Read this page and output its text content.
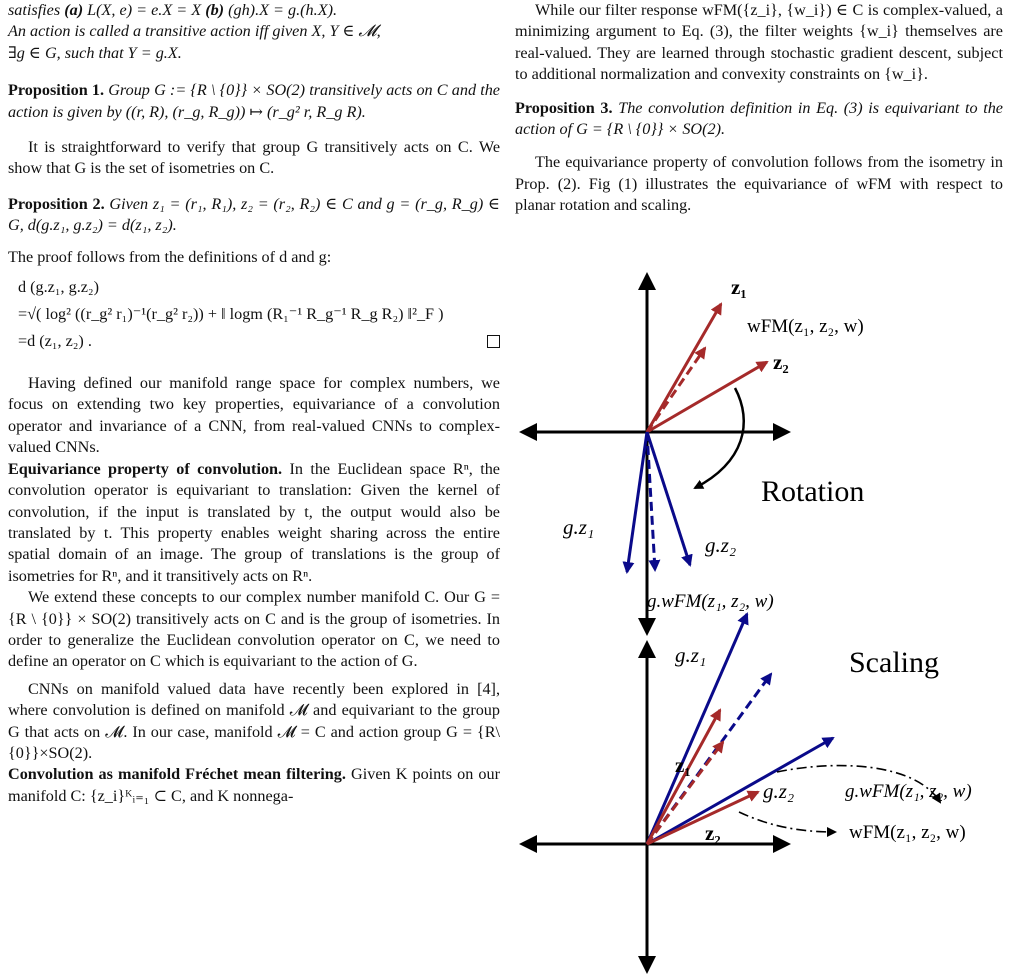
satisfies (a) L(X, e) = e.X = X (b) (gh).X = g.(h.X).
An action is called a transitive action iff given X, Y ∈ 𝓜,
∃g ∈ G, such that Y = g.X.

Proposition 1. Group G := {R \ {0}} × SO(2) transitively acts on C and the action is given by ((r, R), (r_g, R_g)) ↦ (r_g² r, R_g R).

It is straightforward to verify that group G transitively acts on C. We show that G is the set of isometries on C.

Proposition 2. Given z₁ = (r₁, R₁), z₂ = (r₂, R₂) ∈ C and g = (r_g, R_g) ∈ G, d(g.z₁, g.z₂) = d(z₁, z₂).

The proof follows from the definitions of d and g:

d (g.z₁, g.z₂)
=√( log² ((r_g² r₁)⁻¹(r_g² r₂)) + ‖ logm (R₁⁻¹ R_g⁻¹ R_g R₂) ‖²_F )
=d (z₁, z₂) .

Having defined our manifold range space for complex numbers, we focus on extending two key properties, equivariance of a convolution operator and invariance of a CNN, from real-valued CNNs to complex-valued CNNs.

Equivariance property of convolution. In the Euclidean space Rⁿ, the convolution operator is equivariant to translation: Given the kernel of convolution, if the input is translated by t, the output would also be translated by t. This property enables weight sharing across the entire spatial domain of an image. The group of translations is the group of isometries for Rⁿ, and it transitively acts on Rⁿ.

We extend these concepts to our complex number manifold C. Our G = {R \ {0}} × SO(2) transitively acts on C and is the group of isometries. In order to generalize the Euclidean convolution operator on C, we need to define an operator on C which is equivariant to the action of G.

CNNs on manifold valued data have recently been explored in [4], where convolution is defined on manifold 𝓜 and equivariant to the group G that acts on 𝓜. In our case, manifold 𝓜 = C and action group G = {R\{0}}×SO(2).

Convolution as manifold Fréchet mean filtering. Given K points on our manifold C: {z_i}ᴷᵢ₌₁ ⊂ C, and K nonnega-

While our filter response wFM({z_i}, {w_i}) ∈ C is complex-valued, a minimizing argument to Eq. (3), the filter weights {w_i} themselves are real-valued. They are learned through stochastic gradient descent, subject to additional normalization and convexity constraints on {w_i}.

Proposition 3. The convolution definition in Eq. (3) is equivariant to the action of G = {R \ {0}} × SO(2).

The equivariance property of convolution follows from the isometry in Prop. (2). Fig (1) illustrates the equivariance of wFM with respect to planar rotation and scaling.

z₁
wFM(z₁, z₂, w)
z₂
Rotation
g.z₁
g.z₂
g.wFM(z₁, z₂, w)
g.z₁	Scaling
z₁
g.z₂	g.wFM(z₁, z₂, w)
z₂	wFM(z₁, z₂, w)
